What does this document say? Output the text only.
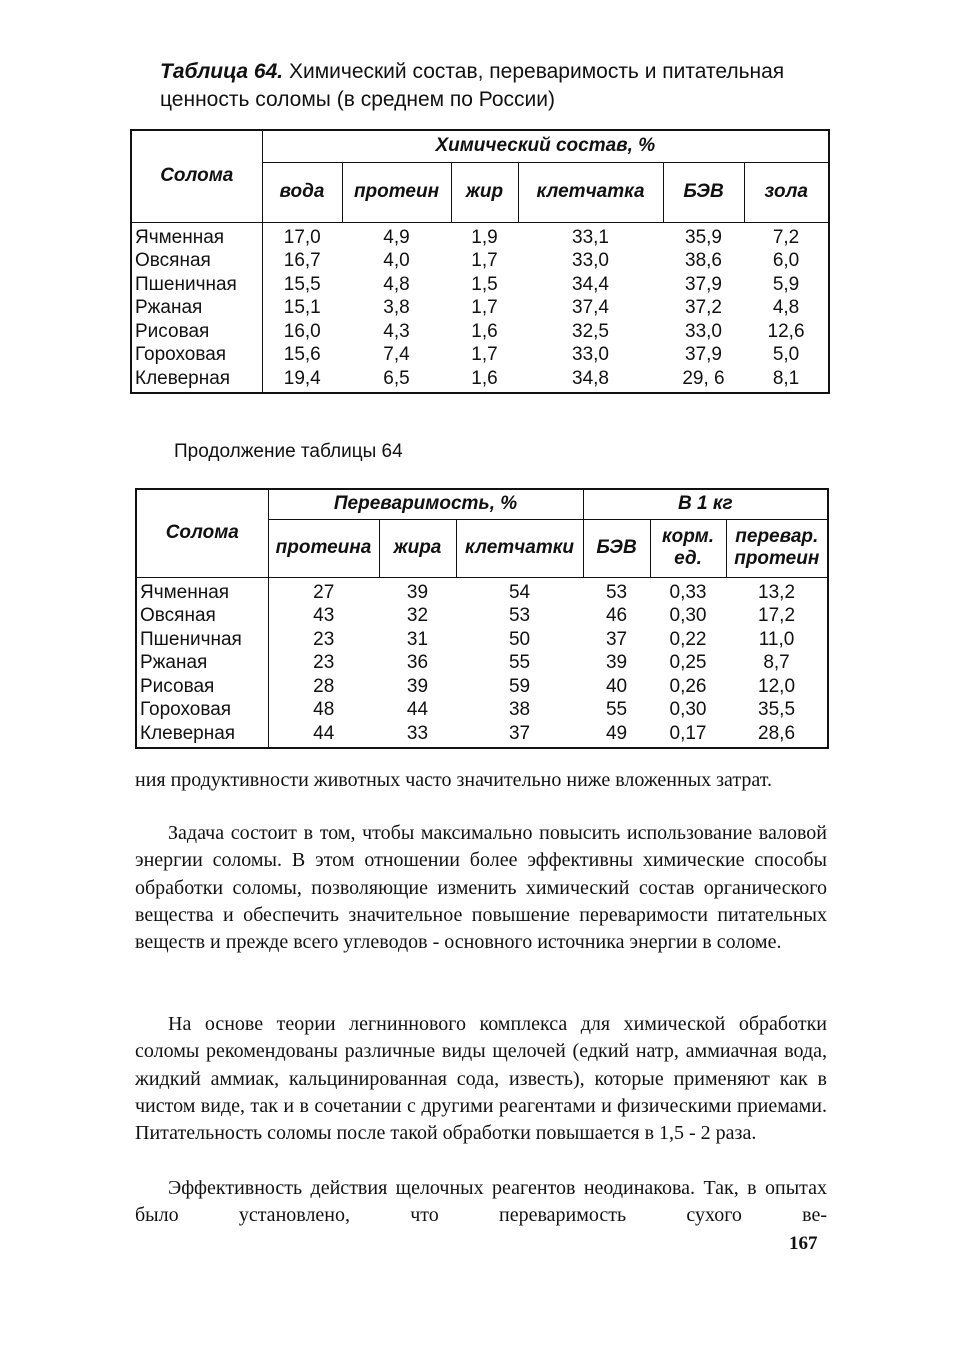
Таблица 64. Химический состав, переваримость и питательная ценность соломы (в среднем по России)
Солома	Химический состав, %					
	вода	протеин	жир	клетчатка	БЭВ	зола
Ячменная	17,0	4,9	1,9	33,1	35,9	7,2
Овсяная	16,7	4,0	1,7	33,0	38,6	6,0
Пшеничная	15,5	4,8	1,5	34,4	37,9	5,9
Ржаная	15,1	3,8	1,7	37,4	37,2	4,8
Рисовая	16,0	4,3	1,6	32,5	33,0	12,6
Гороховая	15,6	7,4	1,7	33,0	37,9	5,0
Клеверная	19,4	6,5	1,6	34,8	29, 6	8,1
Продолжение таблицы 64
Солома	Переваримость, %			В 1 кг		
	протеина	жира	клетчатки	БЭВ	корм. ед.	перевар. протеин
Ячменная	27	39	54	53	0,33	13,2
Овсяная	43	32	53	46	0,30	17,2
Пшеничная	23	31	50	37	0,22	11,0
Ржаная	23	36	55	39	0,25	8,7
Рисовая	28	39	59	40	0,26	12,0
Гороховая	48	44	38	55	0,30	35,5
Клеверная	44	33	37	49	0,17	28,6

ния продуктивности животных часто значительно ниже вложенных затрат.

Задача состоит в том, чтобы максимально повысить использование валовой энергии соломы. В этом отношении более эффективны химические способы обработки соломы, позволяющие изменить химический состав органического вещества и обеспечить значительное повышение переваримости питательных веществ и прежде всего углеводов - основного источника энергии в соломе.

На основе теории легниннового комплекса для химической обработки соломы рекомендованы различные виды щелочей (едкий натр, аммиачная вода, жидкий аммиак, кальцинированная сода, известь), которые применяют как в чистом виде, так и в сочетании с другими реагентами и физическими приемами. Питательность соломы после такой обработки повышается в 1,5 - 2 раза.

Эффективность действия щелочных реагентов неодинакова. Так, в опытах было установлено, что переваримость сухого ве-

167
